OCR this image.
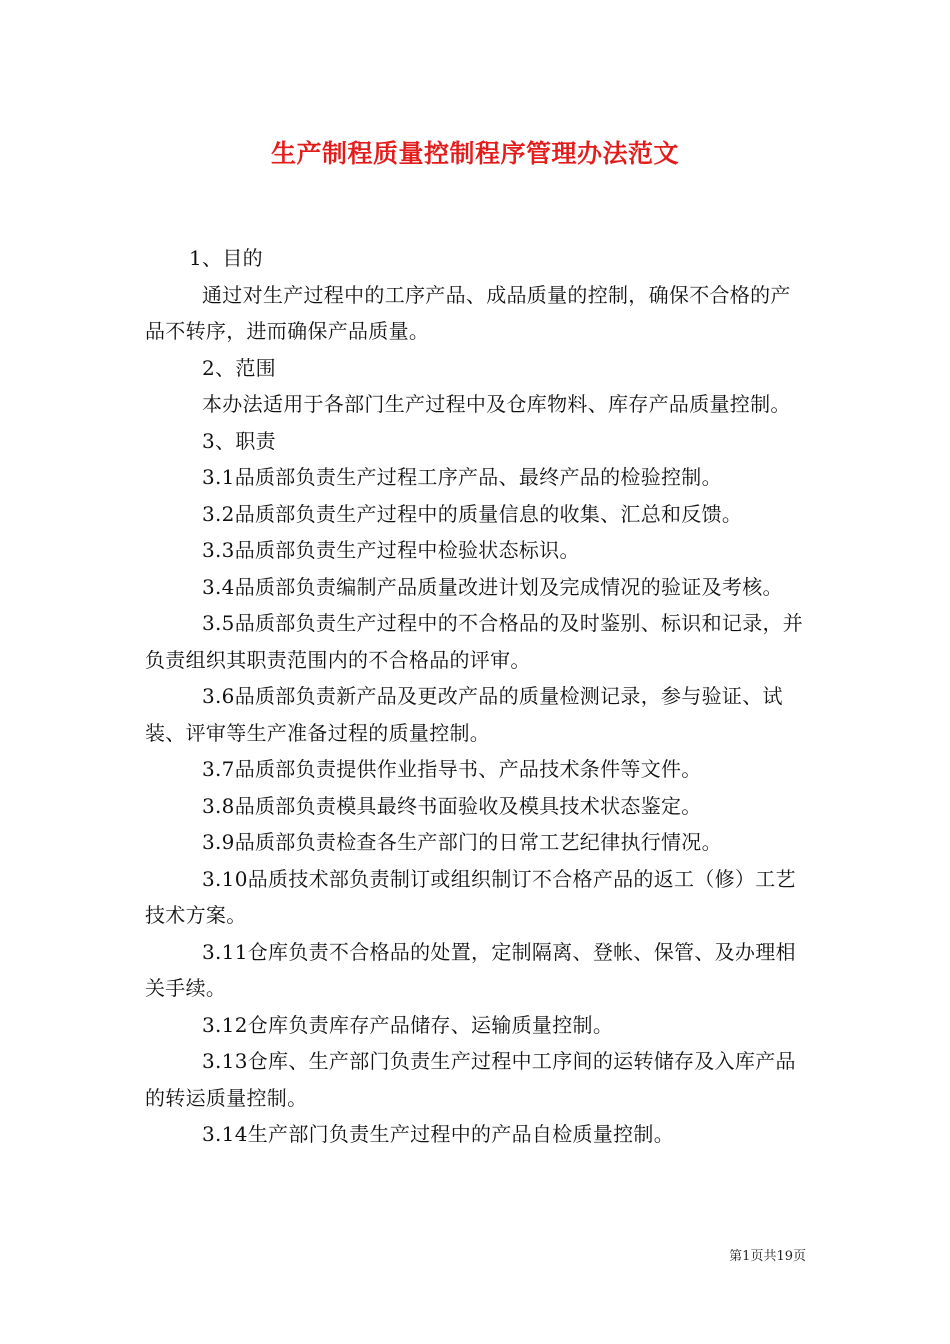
生产制程质量控制程序管理办法范文

1、目的

通过对生产过程中的工序产品、成品质量的控制，确保不合格的产品不转序，进而确保产品质量。

2、范围

本办法适用于各部门生产过程中及仓库物料、库存产品质量控制。

3、职责

3.1品质部负责生产过程工序产品、最终产品的检验控制。

3.2品质部负责生产过程中的质量信息的收集、汇总和反馈。

3.3品质部负责生产过程中检验状态标识。

3.4品质部负责编制产品质量改进计划及完成情况的验证及考核。

3.5品质部负责生产过程中的不合格品的及时鉴别、标识和记录，并负责组织其职责范围内的不合格品的评审。

3.6品质部负责新产品及更改产品的质量检测记录，参与验证、试装、评审等生产准备过程的质量控制。

3.7品质部负责提供作业指导书、产品技术条件等文件。

3.8品质部负责模具最终书面验收及模具技术状态鉴定。

3.9品质部负责检查各生产部门的日常工艺纪律执行情况。

3.10品质技术部负责制订或组织制订不合格产品的返工（修）工艺技术方案。

3.11仓库负责不合格品的处置，定制隔离、登帐、保管、及办理相关手续。

3.12仓库负责库存产品储存、运输质量控制。

3.13仓库、生产部门负责生产过程中工序间的运转储存及入库产品的转运质量控制。

3.14生产部门负责生产过程中的产品自检质量控制。

第1页共19页
